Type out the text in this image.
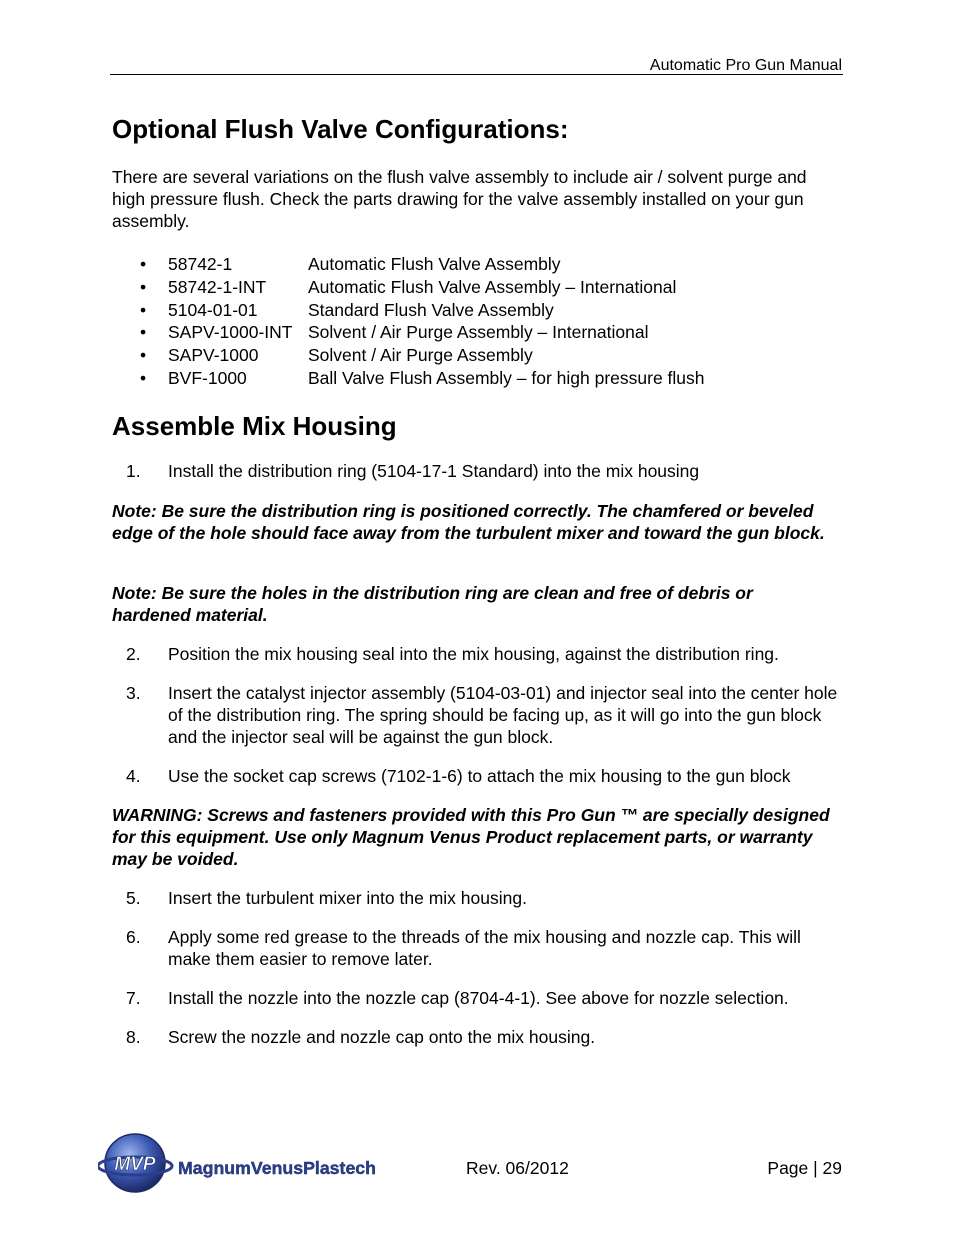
Automatic Pro Gun Manual
Optional Flush Valve Configurations:
There are several variations on the flush valve assembly to include air / solvent purge and high pressure flush. Check the parts drawing for the valve assembly installed on your gun assembly.
•	58742-1	Automatic Flush Valve Assembly
•	58742-1-INT	Automatic Flush Valve Assembly – International
•	5104-01-01	Standard Flush Valve Assembly
•	SAPV-1000-INT Solvent / Air Purge Assembly – International
•	SAPV-1000	Solvent / Air Purge Assembly
•	BVF-1000	Ball Valve Flush Assembly – for high pressure flush
Assemble Mix Housing
1.	Install the distribution ring (5104-17-1 Standard) into the mix housing
2.	Position the mix housing seal into the mix housing, against the distribution ring.
3.	Insert the catalyst injector assembly (5104-03-01) and injector seal into the center hole of the distribution ring. The spring should be facing up, as it will go into the gun block and the injector seal will be against the gun block.
4.	Use the socket cap screws (7102-1-6) to attach the mix housing to the gun block
5.	Insert the turbulent mixer into the mix housing.
6.	Apply some red grease to the threads of the mix housing and nozzle cap. This will make them easier to remove later.
7.	Install the nozzle into the nozzle cap (8704-4-1). See above for nozzle selection.
8.	Screw the nozzle and nozzle cap onto the mix housing.
Note: Be sure the distribution ring is positioned correctly. The chamfered or beveled edge of the hole should face away from the turbulent mixer and toward the gun block.
Note: Be sure the holes in the distribution ring are clean and free of debris or hardened material.
WARNING: Screws and fasteners provided with this Pro Gun ™ are specially designed for this equipment. Use only Magnum Venus Product replacement parts, or warranty may be voided.
MVP MagnumVenusPlastech	Rev. 06/2012	Page | 29
